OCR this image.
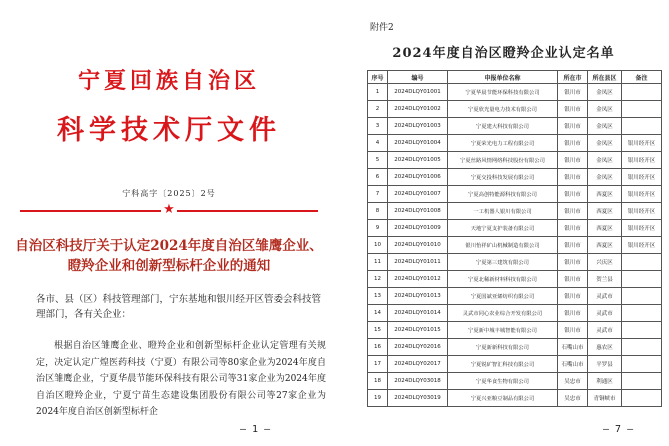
宁夏回族自治区
科学技术厅文件
宁科高字〔2025〕2号
★
自治区科技厅关于认定2024年度自治区雏鹰企业、瞪羚企业和创新型标杆企业的通知
各市、县（区）科技管理部门，宁东基地和银川经开区管委会科技管理部门，各有关企业：
根据自治区雏鹰企业、瞪羚企业和创新型标杆企业认定管理有关规定，决定认定广煌医药科技（宁夏）有限公司等80家企业为2024年度自治区雏鹰企业，宁夏华晨节能环保科技有限公司等31家企业为2024年度自治区瞪羚企业，宁夏宁苗生态建设集团股份有限公司等27家企业为2024年度自治区创新型标杆企
— 1 —
附件2
2024年度自治区瞪羚企业认定名单
序号	编号	申报单位名称	所在市	所在县区	备注
1	2024DLQY01001	宁夏华晨节能环保科技有限公司	银川市	金凤区	
2	2024DLQY01002	宁夏欣光量电力技术有限公司	银川市	金凤区	
3	2024DLQY01003	宁夏建大科技有限公司	银川市	金凤区	
4	2024DLQY01004	宁夏荣光电力工程有限公司	银川市	金凤区	银川经开区
5	2024DLQY01005	宁夏丝路风情网络科技股份有限公司	银川市	金凤区	银川经开区
6	2024DLQY01006	宁夏交投科技发展有限公司	银川市	金凤区	银川经开区
7	2024DLQY01007	宁夏高创特能源科技有限公司	银川市	西夏区	银川经开区
8	2024DLQY01008	一工机器人银川有限公司	银川市	西夏区	银川经开区
9	2024DLQY01009	天地宁夏支护装备有限公司	银川市	西夏区	银川经开区
10	2024DLQY01010	银川怡祥矿山机械制造有限公司	银川市	西夏区	银川经开区
11	2024DLQY01011	宁夏第三建筑有限公司	银川市	兴庆区	
12	2024DLQY01012	宁夏北稀新材料科技有限公司	银川市	贺兰县	
13	2024DLQY01013	宁夏国斌亚烯纺织有限公司	银川市	灵武市	
14	2024DLQY01014	灵武市同心农业综合开发有限公司	银川市	灵武市	
15	2024DLQY01015	宁夏新中城丰城智能有限公司	银川市	灵武市	
16	2024DLQY02016	宁夏新新科技有限公司	石嘴山市	惠农区	
17	2024DLQY02017	宁夏锐矿智汇科技有限公司	石嘴山市	平罗县	
18	2024DLQY03018	宁夏华食生物有限公司	吴忠市	利通区	
19	2024DLQY03019	宁夏兴亚粮豆制品有限公司	吴忠市	青铜峡市	
— 7 —
